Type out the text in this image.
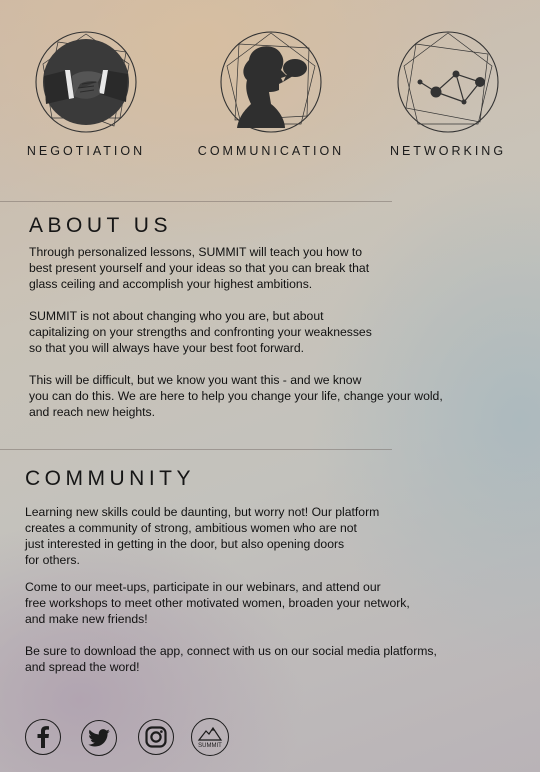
NEGOTIATION	COMMUNICATION	NETWORKING
ABOUT US

Through personalized lessons, SUMMIT will teach you how to
best present yourself and your ideas so that you can break that
glass ceiling and accomplish your highest ambitions.

SUMMIT is not about changing who you are, but about
capitalizing on your strengths and confronting your weaknesses
so that you will always have your best foot forward.

This will be difficult, but we know you want this - and we know
you can do this. We are here to help you change your life, change your wold,
and reach new heights.

COMMUNITY

Learning new skills could be daunting, but worry not! Our platform
creates a community of strong, ambitious women who are not
just interested in getting in the door, but also opening doors
for others.

Come to our meet-ups, participate in our webinars, and attend our
free workshops to meet other motivated women, broaden your network,
and make new friends!

Be sure to download the app, connect with us on our social media platforms,
and spread the word!

SUMMIT
